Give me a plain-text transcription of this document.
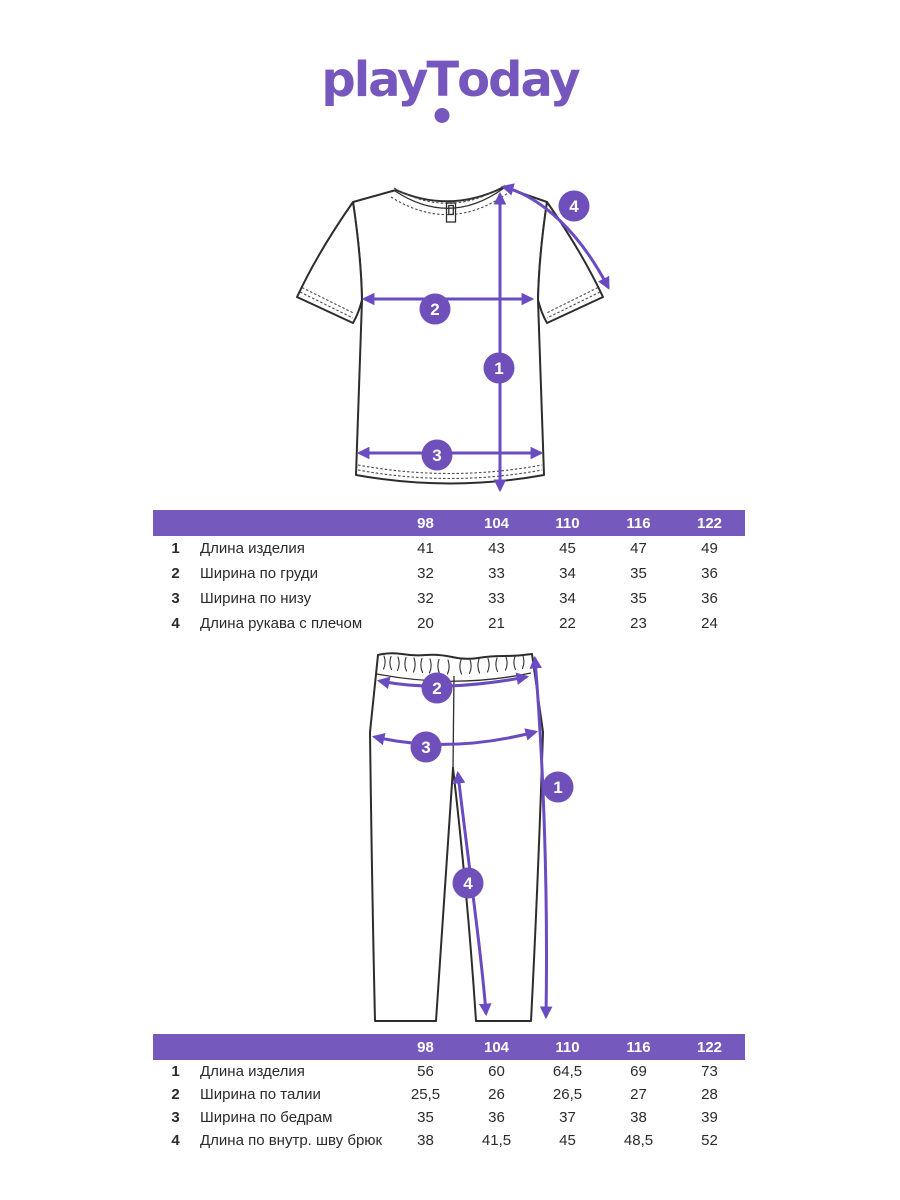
playT
oday
2
1
3
4
98	104	110	116	122
1	Длина изделия	41	43	45	47	49
2	Ширина по груди	32	33	34	35	36
3	Ширина по низу	32	33	34	35	36
4	Длина рукава с плечом	20	21	22	23	24
2
3
1
4
98	104	110	116	122
1	Длина изделия	56	60	64,5	69	73
2	Ширина по талии	25,5	26	26,5	27	28
3	Ширина по бедрам	35	36	37	38	39
4	Длина по внутр. шву брюк	38	41,5	45	48,5	52
